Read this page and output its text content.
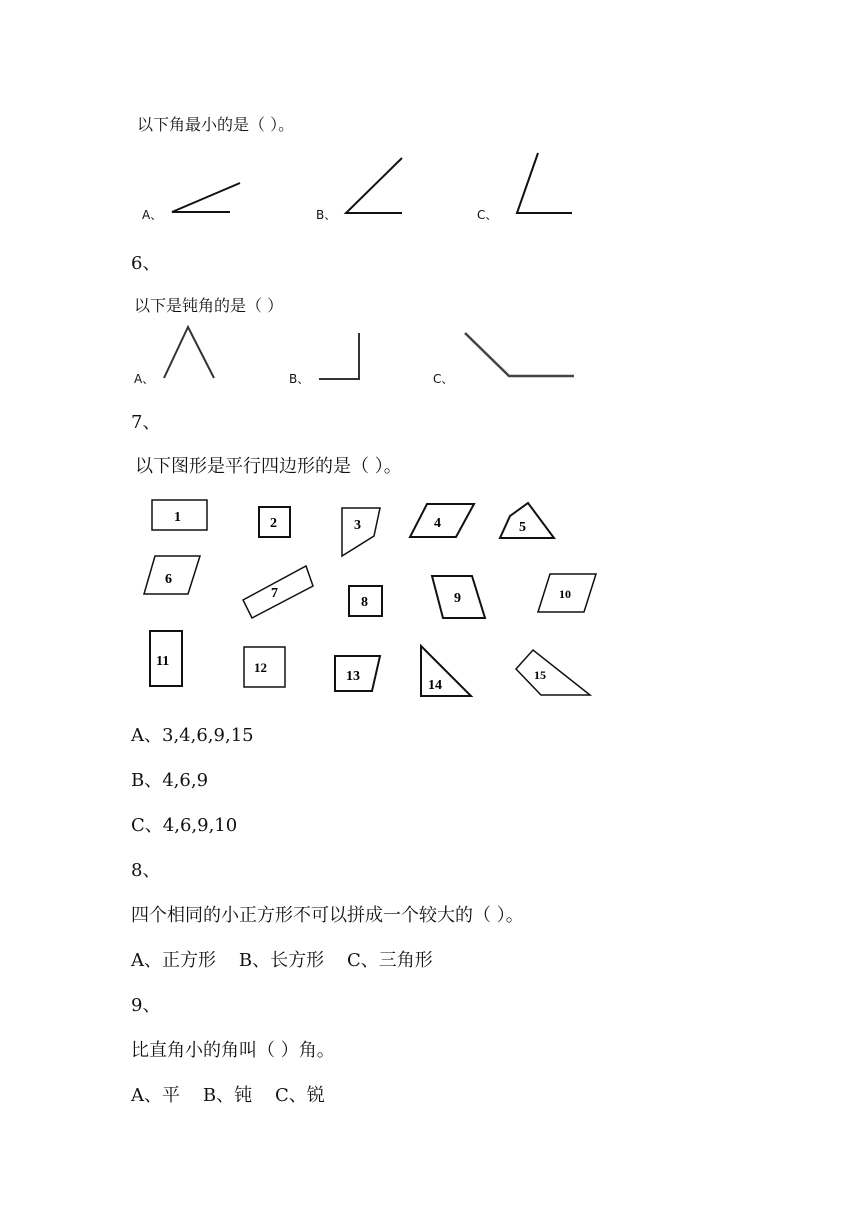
以下角最小的是（ ）。
A、	B、	C、
6、
以下是钝角的是（ ）
A、	B、	C、
7、
以下图形是平行四边形的是（ ）。
1	2	3	4	5
6
7
8	9	10
11	12
13
14
15
A、3,4,6,9,15
B、4,6,9
C、4,6,9,10
8、
四个相同的小正方形不可以拼成一个较大的（ ）。
A、正方形    B、长方形    C、三角形
9、
比直角小的角叫（ ）角。
A、平    B、钝    C、锐
